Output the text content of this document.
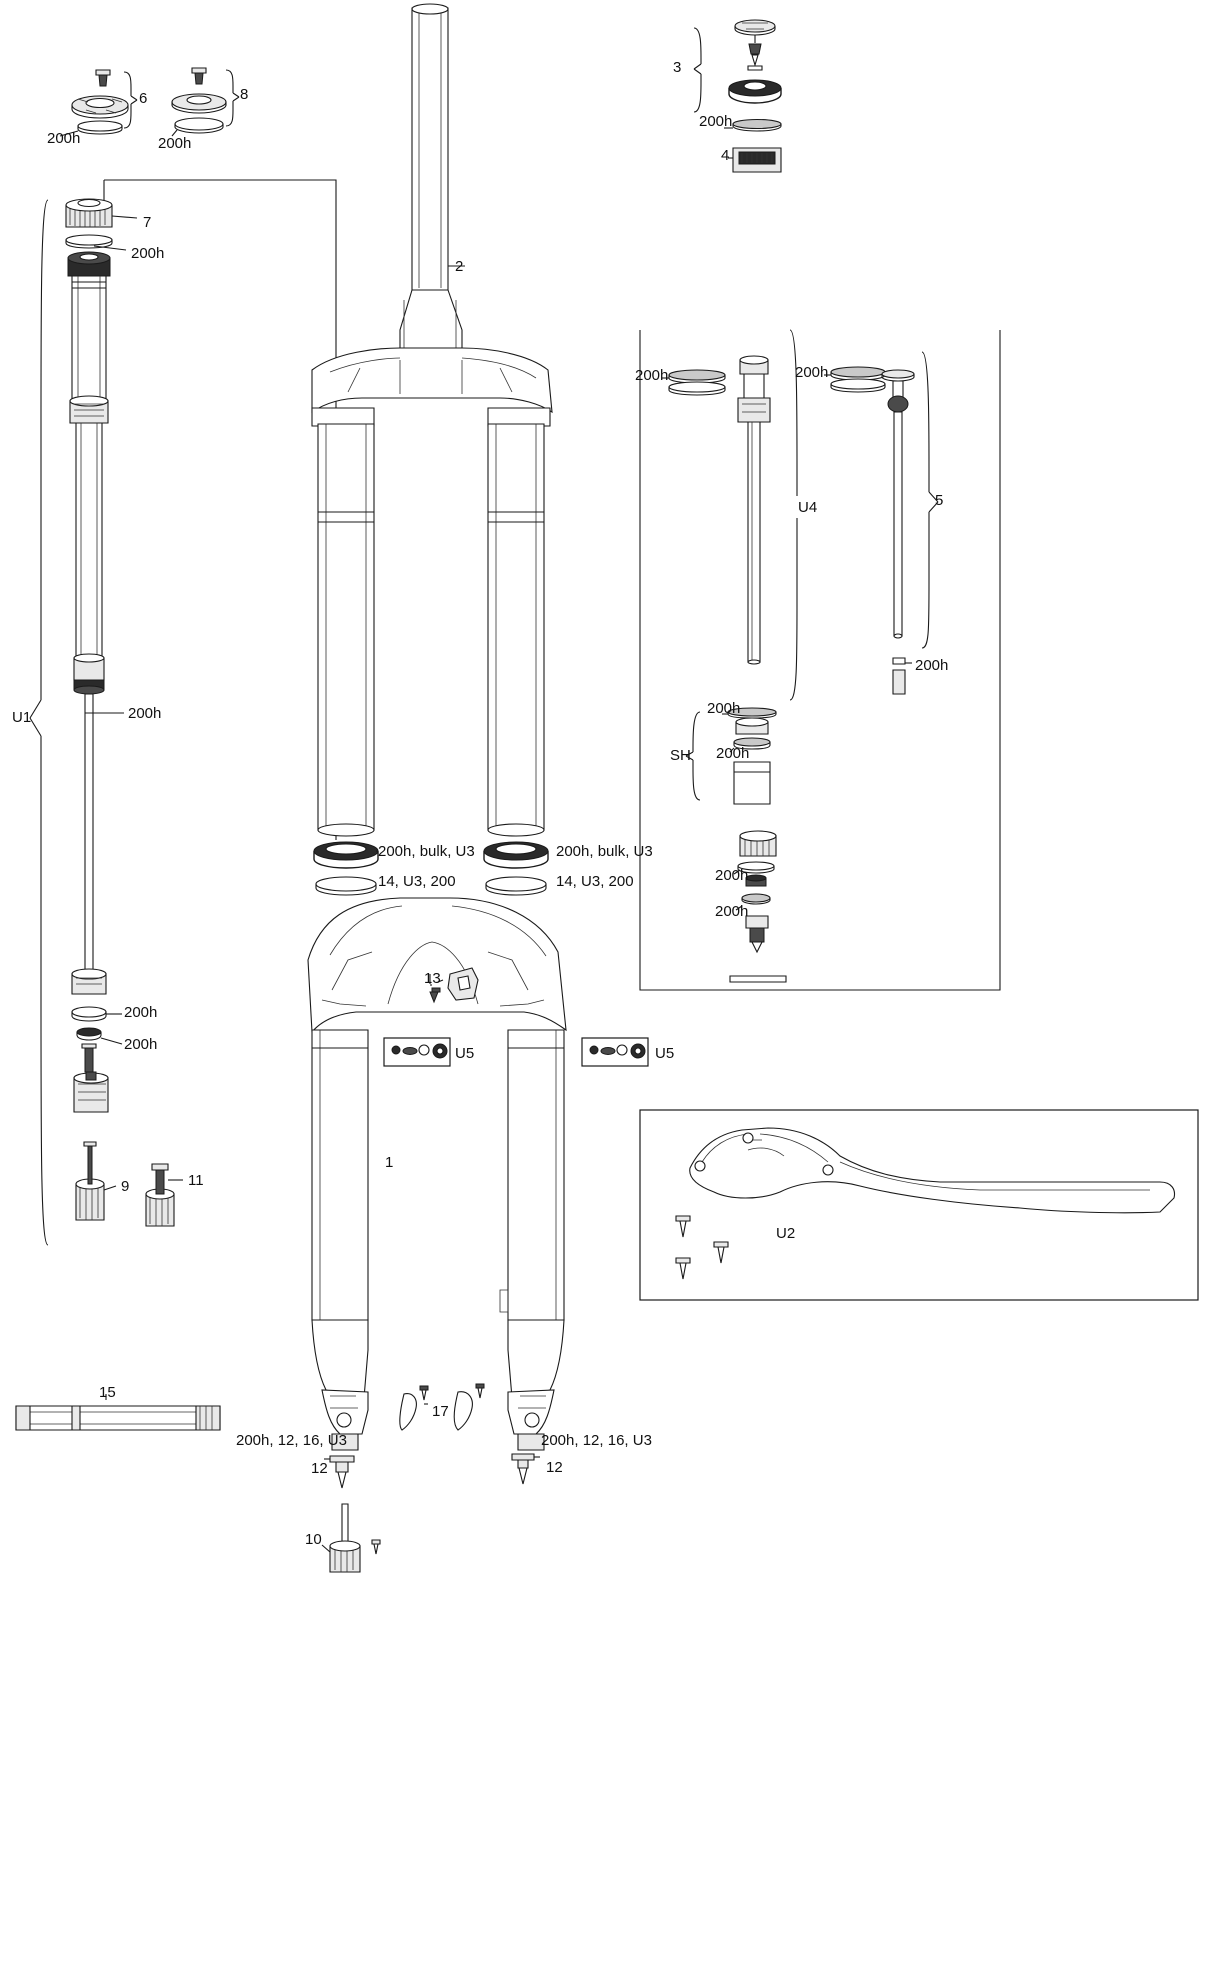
200h
6
200h
8
3
200h
4
7
200h
2
200h	200h
U4	5
200h
U1	200h	200h
SH 200h
200h, bulk, U3	200h, bulk, U3
14, U3, 200	14, U3, 200	200h
200h
13
200h
200h
U5	U5
1
9	11
U2
15
17
200h, 12, 16, U3	200h, 12, 16, U3
12	12
10
